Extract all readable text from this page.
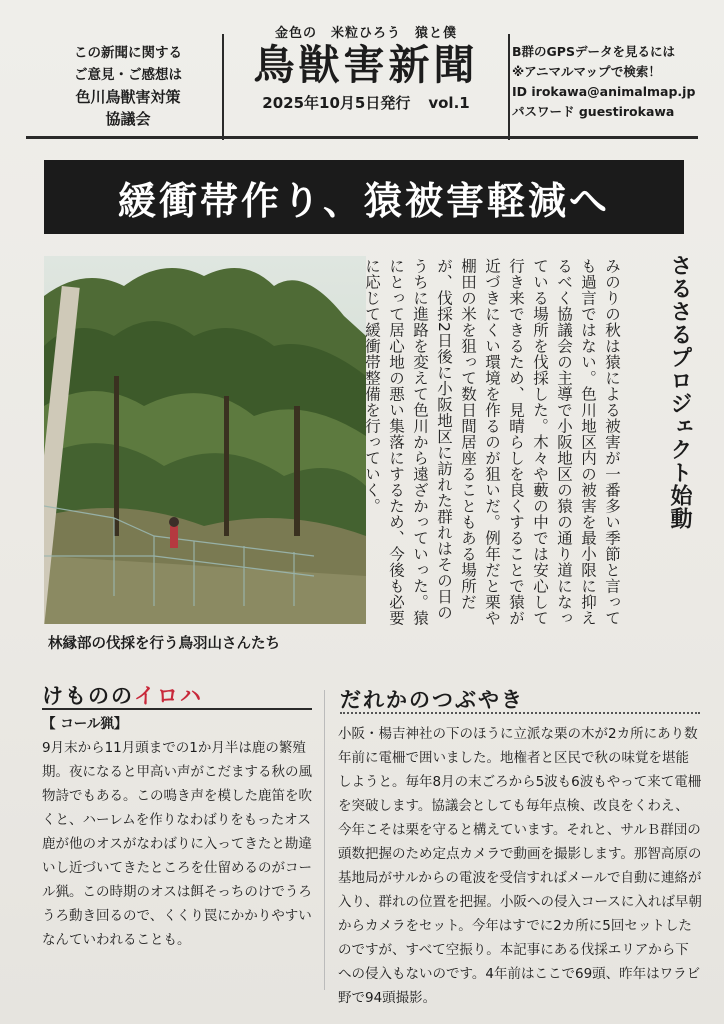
この新聞に関する
ご意見・ご感想は
色川鳥獣害対策
協議会
金色の　米粒ひろう　猿と僕
鳥獣害新聞
2025年10月5日発行 vol.1
B群のGPSデータを見るには
※アニマルマップで検索！
ID irokawa@animalmap.jp
パスワード guestirokawa
緩衝帯作り、猿被害軽減へ
林縁部の伐採を行う鳥羽山さんたち
さるさるプロジェクト始動

みのりの秋は猿による被害が一番多い季節と言っても過言ではない。色川地区内の被害を最小限に抑えるべく協議会の主導で小阪地区の猿の通り道になっている場所を伐採した。木々や藪の中では安心して行き来できるため、見晴らしを良くすることで猿が近づきにくい環境を作るのが狙いだ。例年だと栗や棚田の米を狙って数日間居座ることもある場所だが、伐採2日後に小阪地区に訪れた群れはその日のうちに進路を変えて色川から遠ざかっていった。猿にとって居心地の悪い集落にするため、今後も必要に応じて緩衝帯整備を行っていく。

けもののイロハ
【 コール猟】
9月末から11月頭までの1か月半は鹿の繁殖期。夜になると甲高い声がこだまする秋の風物詩でもある。この鳴き声を模した鹿笛を吹くと、ハーレムを作りなわばりをもったオス鹿が他のオスがなわばりに入ってきたと勘違いし近づいてきたところを仕留めるのがコール猟。この時期のオスは餌そっちのけでうろうろ動き回るので、くくり罠にかかりやすいなんていわれることも。
だれかのつぶやき
小阪・楊吉神社の下のほうに立派な栗の木が2カ所にあり数年前に電柵で囲いました。地権者と区民で秋の味覚を堪能しようと。毎年8月の末ごろから5波も6波もやって来て電柵を突破します。協議会としても毎年点検、改良をくわえ、今年こそは栗を守ると構えています。それと、サルＢ群団の頭数把握のため定点カメラで動画を撮影します。那智高原の基地局がサルからの電波を受信すればメールで自動に連絡が入り、群れの位置を把握。小阪への侵入コースに入れば早朝からカメラをセット。今年はすでに2カ所に5回セットしたのですが、すべて空振り。本記事にある伐採エリアから下への侵入もないのです。4年前はここで69頭、昨年はワラビ野で94頭撮影。
